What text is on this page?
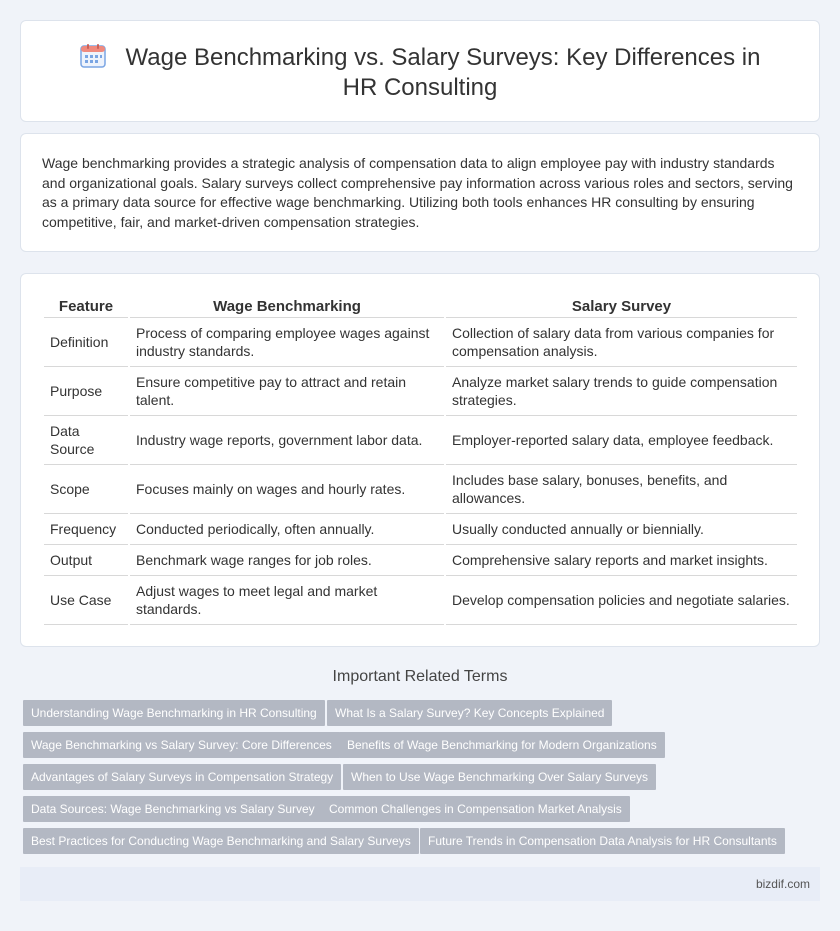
Wage Benchmarking vs. Salary Surveys: Key Differences in HR Consulting

Wage benchmarking provides a strategic analysis of compensation data to align employee pay with industry standards and organizational goals. Salary surveys collect comprehensive pay information across various roles and sectors, serving as a primary data source for effective wage benchmarking. Utilizing both tools enhances HR consulting by ensuring competitive, fair, and market-driven compensation strategies.

Feature	Wage Benchmarking	Salary Survey
Definition	Process of comparing employee wages against industry standards.	Collection of salary data from various companies for compensation analysis.
Purpose	Ensure competitive pay to attract and retain talent.	Analyze market salary trends to guide compensation strategies.
Data Source	Industry wage reports, government labor data.	Employer-reported salary data, employee feedback.
Scope	Focuses mainly on wages and hourly rates.	Includes base salary, bonuses, benefits, and allowances.
Frequency	Conducted periodically, often annually.	Usually conducted annually or biennially.
Output	Benchmark wage ranges for job roles.	Comprehensive salary reports and market insights.
Use Case	Adjust wages to meet legal and market standards.	Develop compensation policies and negotiate salaries.
Important Related Terms
Understanding Wage Benchmarking in HR Consulting	What Is a Salary Survey? Key Concepts Explained
Wage Benchmarking vs Salary Survey: Core Differences	Benefits of Wage Benchmarking for Modern Organizations
Advantages of Salary Surveys in Compensation Strategy	When to Use Wage Benchmarking Over Salary Surveys
Data Sources: Wage Benchmarking vs Salary Survey	Common Challenges in Compensation Market Analysis
Best Practices for Conducting Wage Benchmarking and Salary Surveys	Future Trends in Compensation Data Analysis for HR Consultants
bizdif.com
